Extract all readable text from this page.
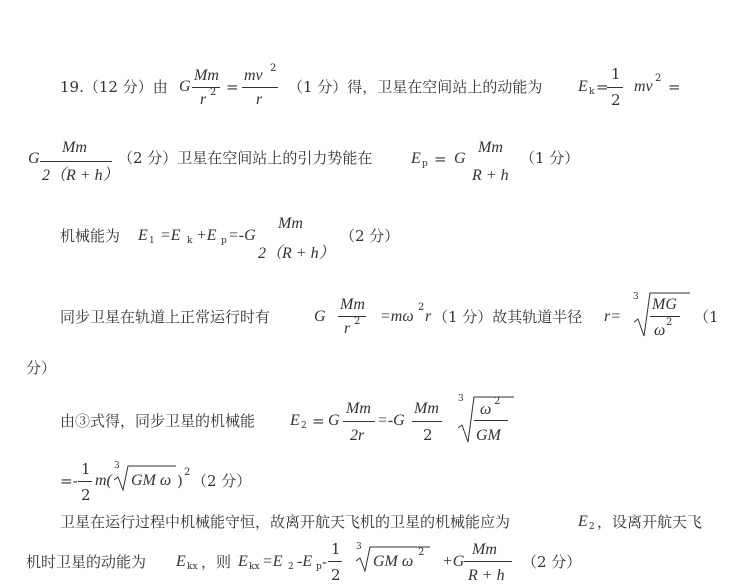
19.（12 分）由 G
Mm
r 2 =
mv 2
r
（1 分）得，卫星在空间站上的动能为 E k =
1
2
mv 2 =
G
Mm
2（R + h）
（2 分）卫星在空间站上的引力势能在 E p = G
Mm
R + h
（1 分）
机械能为 E 1 =E k +E p =-G
Mm
2（R + h）
（2 分）
同步卫星在轨道上正常运行时有	G
Mm
r 2 =mω
2
r （1 分）故其轨道半径 r=
3 MG
ω 2 （1
分）
由③式得，同步卫星的机械能 E 2 = G
Mm
2r
=-G
Mm
2
3
ω 2
GM
=-
1
2
m(
3
GM ω ) 2 （2 分）
卫星在运行过程中机械能守恒，故离开航天飞机的卫星的机械能应为	E 2 ，设离开航天飞
机时卫星的动能为 E kx ，则 E kx =E 2 -E p -
1
2
3
GM ω
2
+G
Mm
R + h
（2 分）
